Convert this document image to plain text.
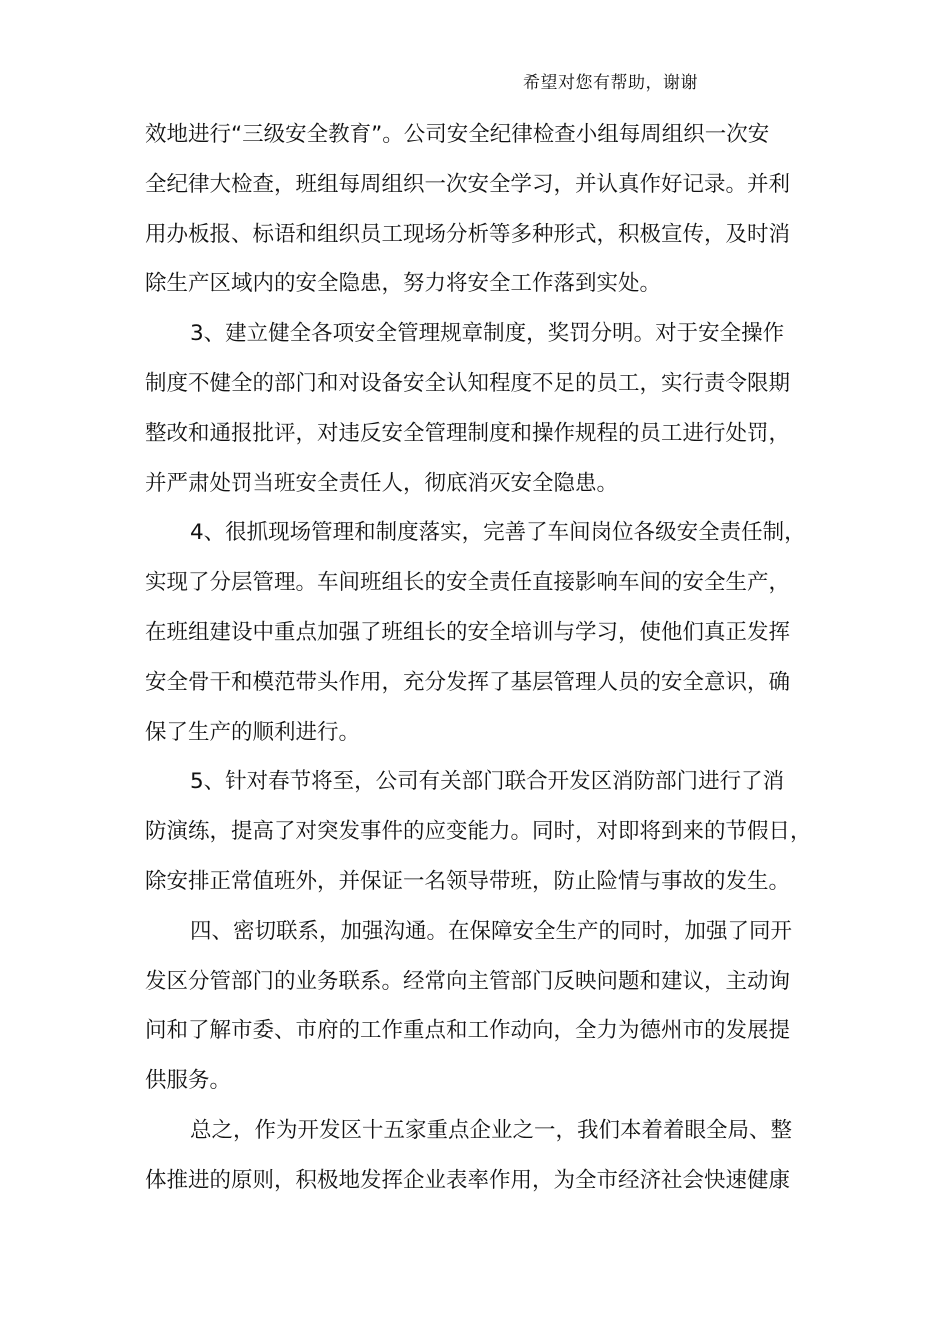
希望对您有帮助，谢谢
效地进行“三级安全教育”。公司安全纪律检查小组每周组织一次安
全纪律大检查，班组每周组织一次安全学习，并认真作好记录。并利
用办板报、标语和组织员工现场分析等多种形式，积极宣传，及时消
除生产区域内的安全隐患，努力将安全工作落到实处。
3、建立健全各项安全管理规章制度，奖罚分明。对于安全操作
制度不健全的部门和对设备安全认知程度不足的员工，实行责令限期
整改和通报批评，对违反安全管理制度和操作规程的员工进行处罚，
并严肃处罚当班安全责任人，彻底消灭安全隐患。
4、很抓现场管理和制度落实，完善了车间岗位各级安全责任制，
实现了分层管理。车间班组长的安全责任直接影响车间的安全生产，
在班组建设中重点加强了班组长的安全培训与学习，使他们真正发挥
安全骨干和模范带头作用，充分发挥了基层管理人员的安全意识，确
保了生产的顺利进行。
5、针对春节将至，公司有关部门联合开发区消防部门进行了消
防演练，提高了对突发事件的应变能力。同时，对即将到来的节假日，
除安排正常值班外，并保证一名领导带班，防止险情与事故的发生。
四、密切联系，加强沟通。在保障安全生产的同时，加强了同开
发区分管部门的业务联系。经常向主管部门反映问题和建议，主动询
问和了解市委、市府的工作重点和工作动向，全力为德州市的发展提
供服务。
总之，作为开发区十五家重点企业之一，我们本着着眼全局、整
体推进的原则，积极地发挥企业表率作用，为全市经济社会快速健康
